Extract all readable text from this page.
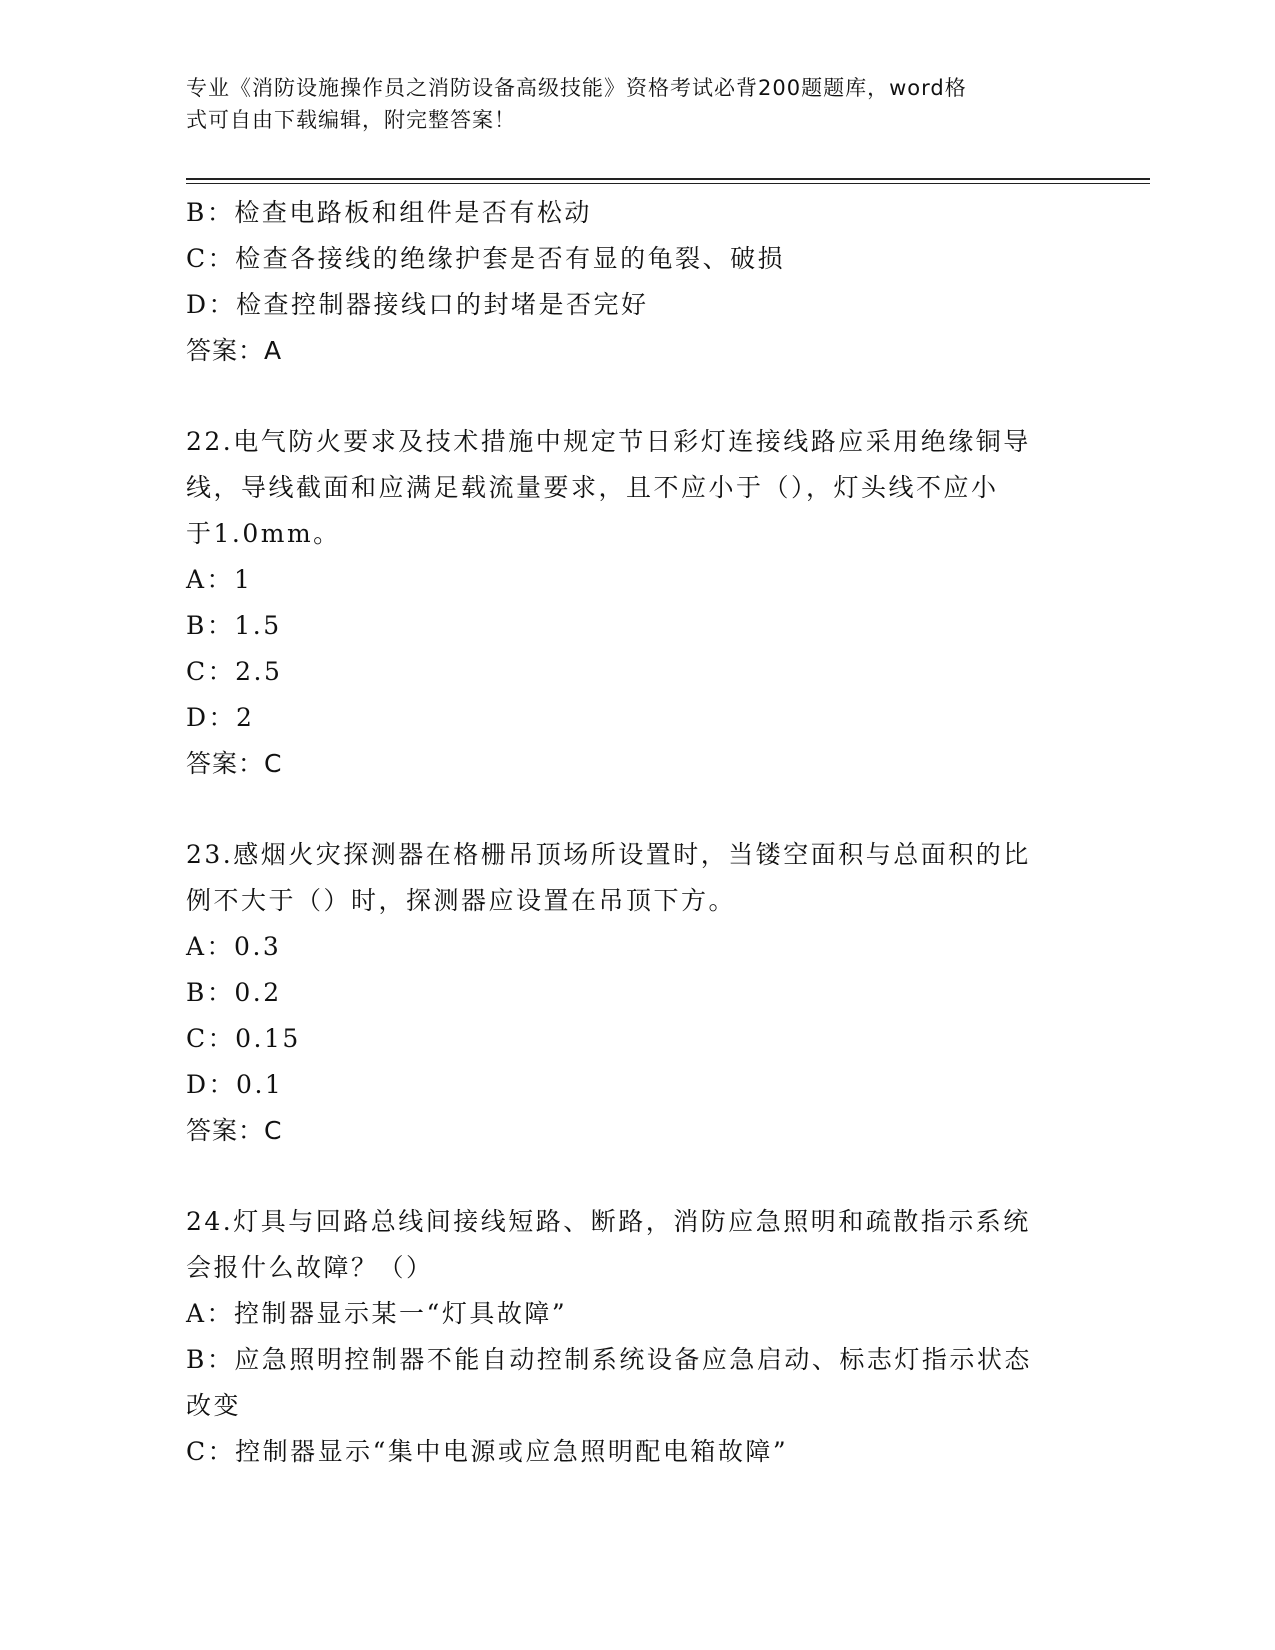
专业《消防设施操作员之消防设备高级技能》资格考试必背200题题库，word格
式可自由下载编辑，附完整答案！
B：检查电路板和组件是否有松动
C：检查各接线的绝缘护套是否有显的龟裂、破损
D：检查控制器接线口的封堵是否完好
答案：A
22.电气防火要求及技术措施中规定节日彩灯连接线路应采用绝缘铜导
线，导线截面和应满足载流量要求，且不应小于（），灯头线不应小
于1.0mm。
A：1
B：1.5
C：2.5
D：2
答案：C
23.感烟火灾探测器在格栅吊顶场所设置时，当镂空面积与总面积的比
例不大于（）时，探测器应设置在吊顶下方。
A：0.3
B：0.2
C：0.15
D：0.1
答案：C
24.灯具与回路总线间接线短路、断路，消防应急照明和疏散指示系统
会报什么故障？（）
A：控制器显示某一“灯具故障”
B：应急照明控制器不能自动控制系统设备应急启动、标志灯指示状态
改变
C：控制器显示“集中电源或应急照明配电箱故障”
